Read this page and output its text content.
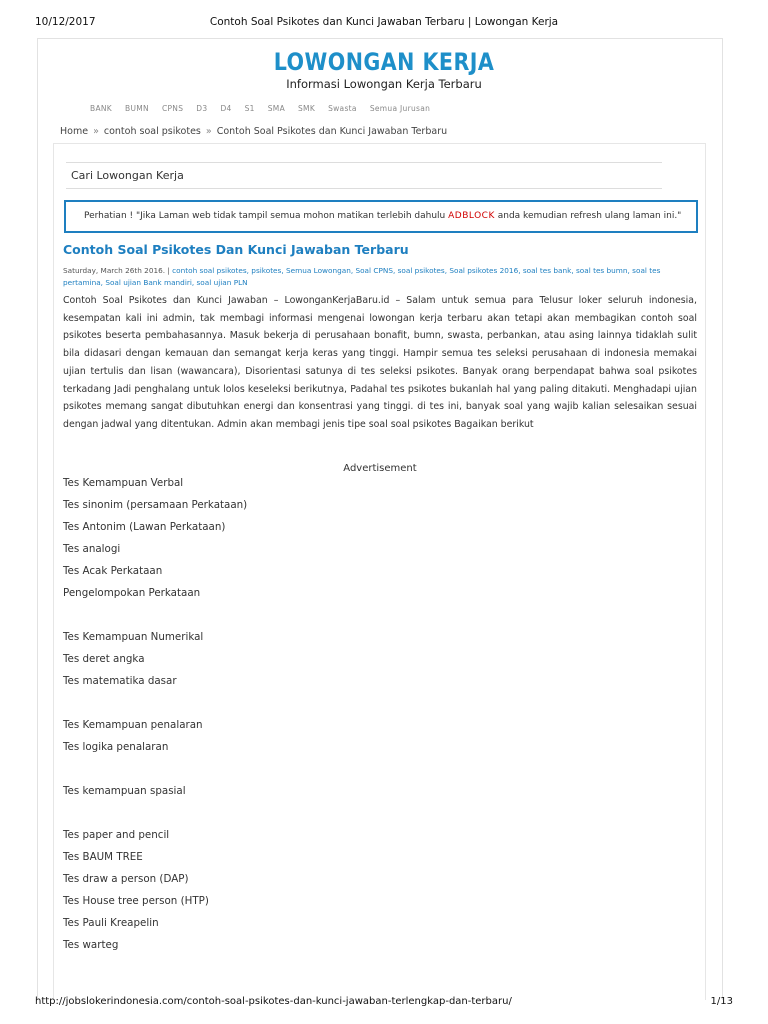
10/12/2017	Contoh Soal Psikotes dan Kunci Jawaban Terbaru | Lowongan Kerja
LOWONGAN KERJA
Informasi Lowongan Kerja Terbaru
BANK BUMN CPNS D3 D4 S1 SMA SMK Swasta Semua Jurusan
Home » contoh soal psikotes » Contoh Soal Psikotes dan Kunci Jawaban Terbaru
Cari Lowongan Kerja
Perhatian ! "Jika Laman web tidak tampil semua mohon matikan terlebih dahulu ADBLOCK anda kemudian refresh ulang laman ini."
Contoh Soal Psikotes Dan Kunci Jawaban Terbaru
Saturday, March 26th 2016. | contoh soal psikotes, psikotes, Semua Lowongan, Soal CPNS, soal psikotes, Soal psikotes 2016, soal tes bank, soal tes bumn, soal tes pertamina, Soal ujian Bank mandiri, soal ujian PLN

Contoh Soal Psikotes dan Kunci Jawaban – LowonganKerjaBaru.id – Salam untuk semua para Telusur loker seluruh indonesia, kesempatan kali ini admin, tak membagi informasi mengenai lowongan kerja terbaru akan tetapi akan membagikan contoh soal psikotes beserta pembahasannya. Masuk bekerja di perusahaan bonafit, bumn, swasta, perbankan, atau asing lainnya tidaklah sulit bila didasari dengan kemauan dan semangat kerja keras yang tinggi. Hampir semua tes seleksi perusahaan di indonesia memakai ujian tertulis dan lisan (wawancara), Disorientasi satunya di tes seleksi psikotes. Banyak orang berpendapat bahwa soal psikotes terkadang Jadi penghalang untuk lolos keseleksi berikutnya, Padahal tes psikotes bukanlah hal yang paling ditakuti. Menghadapi ujian psikotes memang sangat dibutuhkan energi dan konsentrasi yang tinggi. di tes ini, banyak soal yang wajib kalian selesaikan sesuai dengan jadwal yang ditentukan. Admin akan membagi jenis tipe soal soal psikotes Bagaikan berikut

Advertisement
Tes Kemampuan Verbal
Tes sinonim (persamaan Perkataan)
Tes Antonim (Lawan Perkataan)
Tes analogi
Tes Acak Perkataan
Pengelompokan Perkataan
Tes Kemampuan Numerikal
Tes deret angka
Tes matematika dasar
Tes Kemampuan penalaran
Tes logika penalaran
Tes kemampuan spasial
Tes paper and pencil
Tes BAUM TREE
Tes draw a person (DAP)
Tes House tree person (HTP)
Tes Pauli Kreapelin
Tes warteg
http://jobslokerindonesia.com/contoh-soal-psikotes-dan-kunci-jawaban-terlengkap-dan-terbaru/	1/13
